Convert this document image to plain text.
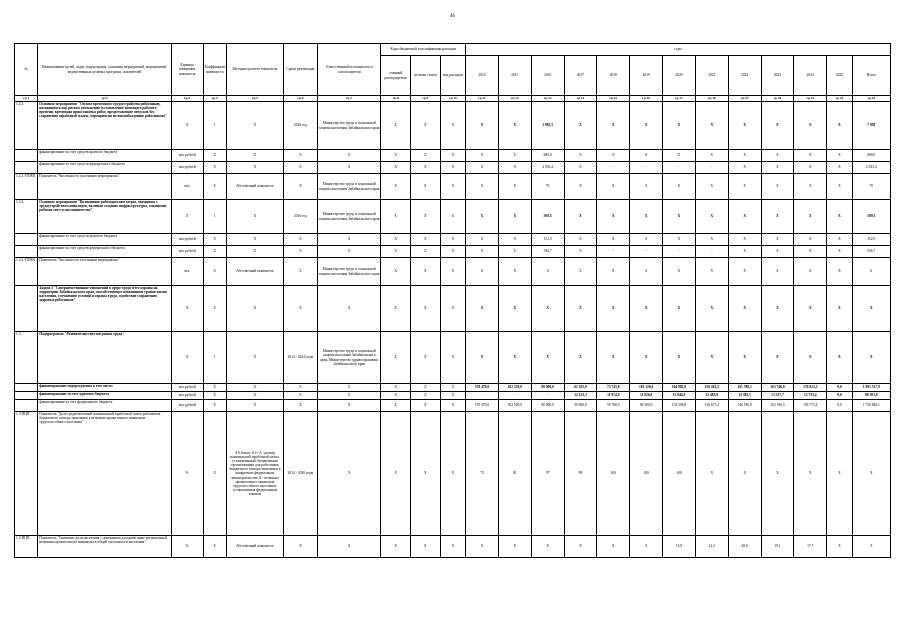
46
№	Наименование целей, задач, подпрограмм, основных мероприятий, мероприятий, ведомственных целевых программ, показателей	Единица измерения показателя	Коэффициент значимости	Методика расчета показателя	Сроки реализации	Ответственный исполнитель и соисполнители	Коды бюджетной классификации расходов			годы												
							главный распорядитель	целевая статья	вид расходов	2014	2015	2016	2017	2018	2019	2020	2021	2022	2023	2024	2025	Итого
гр.1	гр.2	гр.3	гр.4	гр.5	гр.6	гр.7	гр.8	гр.9	гр.10	гр.11	гр.12	гр.13	гр.14	гр.15	гр.16	гр.17	гр.18	гр.19	гр.20	гр.21	гр.22	гр.23
1.2.3.	Основное мероприятие "Оплата временного трудоустройства работников, находящихся под риском увольнения (установление неполного рабочего времени, временная приостановка работ, предоставление отпусков без сохранения заработной платы, мероприятия по высвобождению работников)"	X	1	X	2016 год	Министерство труда и социальной защиты населения Забайкальского края	X	X	X	X	X	1 983,5	X	X	X	X	X	X	X	X	X	7 958
	финансирование за счет средств краевого бюджета	тыс.рублей	X	X	X	X	X	X	X	X	X	680,0	X	X	X	X	X	X	X	X	X	680,0
	финансирование за счет средств федерального бюджета	тыс.рублей	X	X	X	X	X	X	X	X	X	2 033,4	X	-	-	-	-	X	X	X	X	2 033,4
1.2.3.-ПОМ1	Показатель "Численность участников мероприятия"	чел.	X	Абсолютный показатель	X	Министерство труда и социальной защиты населения Забайкальского края	X	X	X	X	X	70	X	X	X	X	X	X	X	X	X	70
1.2.4.	Основное мероприятие "Возмещение работодателям затрат, связанных с трудоустройством инвалидов, включая создание инфраструктуры, оснащение рабочих мест и наставничество"	X	1	X	2016 год	Министерство труда и социальной защиты населения Забайкальского края	X	X	X	X	X	509,5	X	X	X	X	X	X	X	X	X	509,5
	финансирование за счет средств краевого бюджета	тыс.рублей	X	X	X	X	X	X	X	X	X	152,9	X	X	X	X	X	X	X	X	X	152,9
	финансирование за счет средств федерального бюджета	тыс.рублей	X	X	X	X	X	X	X	X	X	356,7	X	-	-	-	-	X	X	X	X	356,7
1.2.4.-ПОМ1	Показатель "Численность участников мероприятия"	чел.	X	Абсолютный показатель	X	Министерство труда и социальной защиты населения Забайкальского края	X	X	X	X	X	6	X	X	X	X	X	X	X	X	X	6
	Задача 3 "Совершенствование отношений в сфере труда и его охраны на территории Забайкальского края, способствующее повышению уровня жизни населения, улучшению условий и охраны труда, содействие сохранению здоровья работников"	X	X	X	X	X	X	X	X	X	X	X	X	X	X	X	X	X	X	X	X	X
1.3.	Подпрограмма "Развитие институтов рынка труда"	X	1	X	2014 - 2024 годы	Министерство труда и социальной защиты населения Забайкальского края, Министерство здравоохранения Забайкальского края	X	X	X	X	X	X	X	X	X	X	X	X	X	X	X	X
	финансирование подпрограммы в том числе:	тыс.рублей	X	X	X	X	X	X	X	570 470,0	102 529,0	90 000,0	61 501,9	73 745,8	103 126,6	164 882,8	150 416,3	161 780,1	163 746,8	170 812,5	0,0	1 883 517,9
	финансирование за счет краевого бюджета	тыс.рублей	X	X	X	X	X	X	X	-	-	-	12 323,3	11 974,0	11 826,0	12 044,0	12 483,9	13 382,5	13 337,7	13 733,4	0,0	98 383,8
	финансирование за счет федерального бюджета	тыс.рублей	X	X	X	X	X	X	X	570 470,0	102 529,0	90 000,0	50 060,0	59 768,9	90 500,0	153 358,8	136 675,4	146 536,8	152 196,5	156 775,4	0,0	1 756 826,1
1.3-ПЦП	Показатель "Доля среднемесячной номинальной заработной платы работников бюджетного сектора экономики к величине прожиточного минимума трудоспособного населения"	%	X	A (Отнош. A) = A - размер номинальной заработной платы, установленный, бюджетными организациями для работников бюджетного сектора экономики в конкретном федеральном законодательстве; Б - величина прожиточного минимума трудоспособного населения, установленная федеральным законом	2014 - 2020 годы	X	X	X	X	73	81	97	98	100	100	100	X	X	X	X	X	X
1.3-ПЦП	Показатель "Снижение доли населения с денежными доходами ниже региональной величины прожиточного минимума в общей численности населения"	%	X	Абсолютный показатель	X	X	X	X	X	X	X	X	X	X	X	15,8	21,2	20,6	19,1	17,7	X	X
